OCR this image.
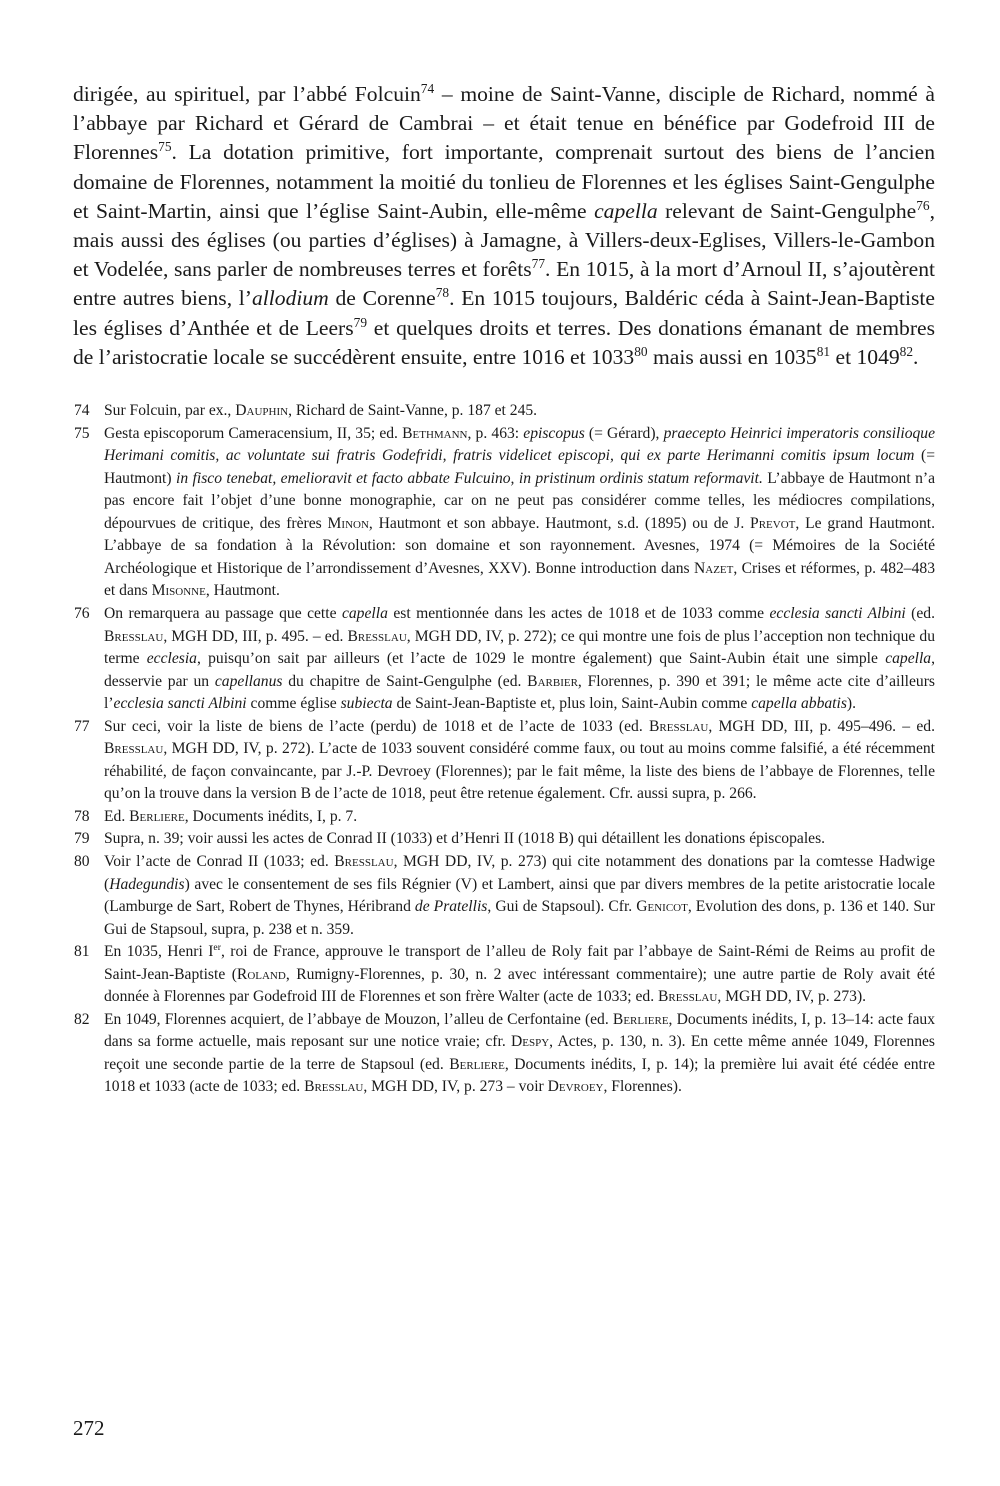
dirigée, au spirituel, par l’abbé Folcuin$^{74}$ – moine de Saint-Vanne, disciple de Richard, nommé à l’abbaye par Richard et Gérard de Cambrai – et était tenue en bénéfice par Godefroid III de Florennes$^{75}$. La dotation primitive, fort importante, comprenait surtout des biens de l’ancien domaine de Florennes, notamment la moitié du tonlieu de Florennes et les églises Saint-Gengulphe et Saint-Martin, ainsi que l’église Saint-Aubin, elle-même capella relevant de Saint-Gengulphe$^{76}$, mais aussi des églises (ou parties d’églises) à Jamagne, à Villers-deux-Eglises, Villers-le-Gambon et Vodelée, sans parler de nombreuses terres et forêts$^{77}$. En 1015, à la mort d’Arnoul II, s’ajoutèrent entre autres biens, l’allodium de Corenne$^{78}$. En 1015 toujours, Baldéric céda à Saint-Jean-Baptiste les églises d’Anthée et de Leers$^{79}$ et quelques droits et terres. Des donations émanant de membres de l’aristocratie locale se succédèrent ensuite, entre 1016 et 1033$^{80}$ mais aussi en 1035$^{81}$ et 1049$^{82}$.

74 Sur Folcuin, par ex., Dauphin, Richard de Saint-Vanne, p. 187 et 245.

75 Gesta episcoporum Cameracensium, II, 35; ed. Bethmann, p. 463: episcopus (= Gérard), praecepto Heinrici imperatoris consilioque Herimani comitis, ac voluntate sui fratris Godefridi, fratris videlicet episcopi, qui ex parte Herimanni comitis ipsum locum (= Hautmont) in fisco tenebat, emelioravit et facto abbate Fulcuino, in pristinum ordinis statum reformavit. L’abbaye de Hautmont n’a pas encore fait l’objet d’une bonne monographie, car on ne peut pas considérer comme telles, les médiocres compilations, dépourvues de critique, des frères Minon, Hautmont et son abbaye. Hautmont, s.d. (1895) ou de J. Prevot, Le grand Hautmont. L’abbaye de sa fondation à la Révolution: son domaine et son rayonnement. Avesnes, 1974 (= Mémoires de la Société Archéologique et Historique de l’arrondissement d’Avesnes, XXV). Bonne introduction dans Nazet, Crises et réformes, p. 482–483 et dans Misonne, Hautmont.

76 On remarquera au passage que cette capella est mentionnée dans les actes de 1018 et de 1033 comme ecclesia sancti Albini (ed. Bresslau, MGH DD, III, p. 495. – ed. Bresslau, MGH DD, IV, p. 272); ce qui montre une fois de plus l’acception non technique du terme ecclesia, puisqu’on sait par ailleurs (et l’acte de 1029 le montre également) que Saint-Aubin était une simple capella, desservie par un capellanus du chapitre de Saint-Gengulphe (ed. Barbier, Florennes, p. 390 et 391; le même acte cite d’ailleurs l’ecclesia sancti Albini comme église subiecta de Saint-Jean-Baptiste et, plus loin, Saint-Aubin comme capella abbatis).

77 Sur ceci, voir la liste de biens de l’acte (perdu) de 1018 et de l’acte de 1033 (ed. Bresslau, MGH DD, III, p. 495–496. – ed. Bresslau, MGH DD, IV, p. 272). L’acte de 1033 souvent considéré comme faux, ou tout au moins comme falsifié, a été récemment réhabilité, de façon convaincante, par J.-P. Devroey (Florennes); par le fait même, la liste des biens de l’abbaye de Florennes, telle qu’on la trouve dans la version B de l’acte de 1018, peut être retenue également. Cfr. aussi supra, p. 266.

78 Ed. Berliere, Documents inédits, I, p. 7.

79 Supra, n. 39; voir aussi les actes de Conrad II (1033) et d’Henri II (1018 B) qui détaillent les donations épiscopales.

80 Voir l’acte de Conrad II (1033; ed. Bresslau, MGH DD, IV, p. 273) qui cite notamment des donations par la comtesse Hadwige (Hadegundis) avec le consentement de ses fils Régnier (V) et Lambert, ainsi que par divers membres de la petite aristocratie locale (Lamburge de Sart, Robert de Thynes, Héribrand de Pratellis, Gui de Stapsoul). Cfr. Genicot, Evolution des dons, p. 136 et 140. Sur Gui de Stapsoul, supra, p. 238 et n. 359.

81 En 1035, Henri Ier, roi de France, approuve le transport de l’alleu de Roly fait par l’abbaye de Saint-Rémi de Reims au profit de Saint-Jean-Baptiste (Roland, Rumigny-Florennes, p. 30, n. 2 avec intéressant commentaire); une autre partie de Roly avait été donnée à Florennes par Godefroid III de Florennes et son frère Walter (acte de 1033; ed. Bresslau, MGH DD, IV, p. 273).

82 En 1049, Florennes acquiert, de l’abbaye de Mouzon, l’alleu de Cerfontaine (ed. Berliere, Documents inédits, I, p. 13–14: acte faux dans sa forme actuelle, mais reposant sur une notice vraie; cfr. Despy, Actes, p. 130, n. 3). En cette même année 1049, Florennes reçoit une seconde partie de la terre de Stapsoul (ed. Berliere, Documents inédits, I, p. 14); la première lui avait été cédée entre 1018 et 1033 (acte de 1033; ed. Bresslau, MGH DD, IV, p. 273 – voir Devroey, Florennes).

272
